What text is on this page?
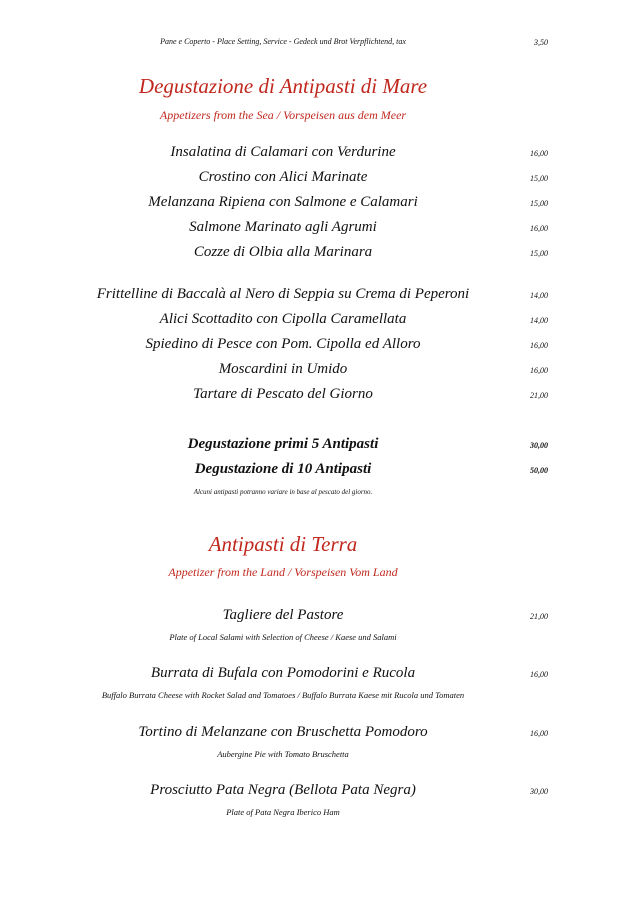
Pane e Coperto - Place Setting, Service - Gedeck und Brot Verpflichtend, tax	3,50
Degustazione di Antipasti di Mare
Appetizers from the Sea / Vorspeisen aus dem Meer
Insalatina di Calamari con Verdurine	16,00
Crostino con Alici Marinate	15,00
Melanzana Ripiena con Salmone e Calamari	15,00
Salmone Marinato agli Agrumi	16,00
Cozze di Olbia alla Marinara	15,00
Frittelline di Baccalà al Nero di Seppia su Crema di Peperoni	14,00
Alici Scottadito con Cipolla Caramellata	14,00
Spiedino di Pesce con Pom. Cipolla ed Alloro	16,00
Moscardini in Umido	16,00
Tartare di Pescato del Giorno	21,00
Degustazione primi 5 Antipasti	30,00
Degustazione di 10 Antipasti	50,00
Alcuni antipasti potranno variare in base al pescato del giorno.
Antipasti di Terra
Appetizer from the Land / Vorspeisen Vom Land
Tagliere del Pastore	21,00
Plate of Local Salami with Selection of Cheese / Kaese und Salami
Burrata di Bufala con Pomodorini e Rucola	16,00
Buffalo Burrata Cheese with Rocket Salad and Tomatoes / Buffalo Burrata Kaese mit Rucola und Tomaten
Tortino di Melanzane con Bruschetta Pomodoro	16,00
Aubergine Pie with Tomato Bruschetta
Prosciutto Pata Negra (Bellota Pata Negra)	30,00
Plate of Pata Negra Iberico Ham
